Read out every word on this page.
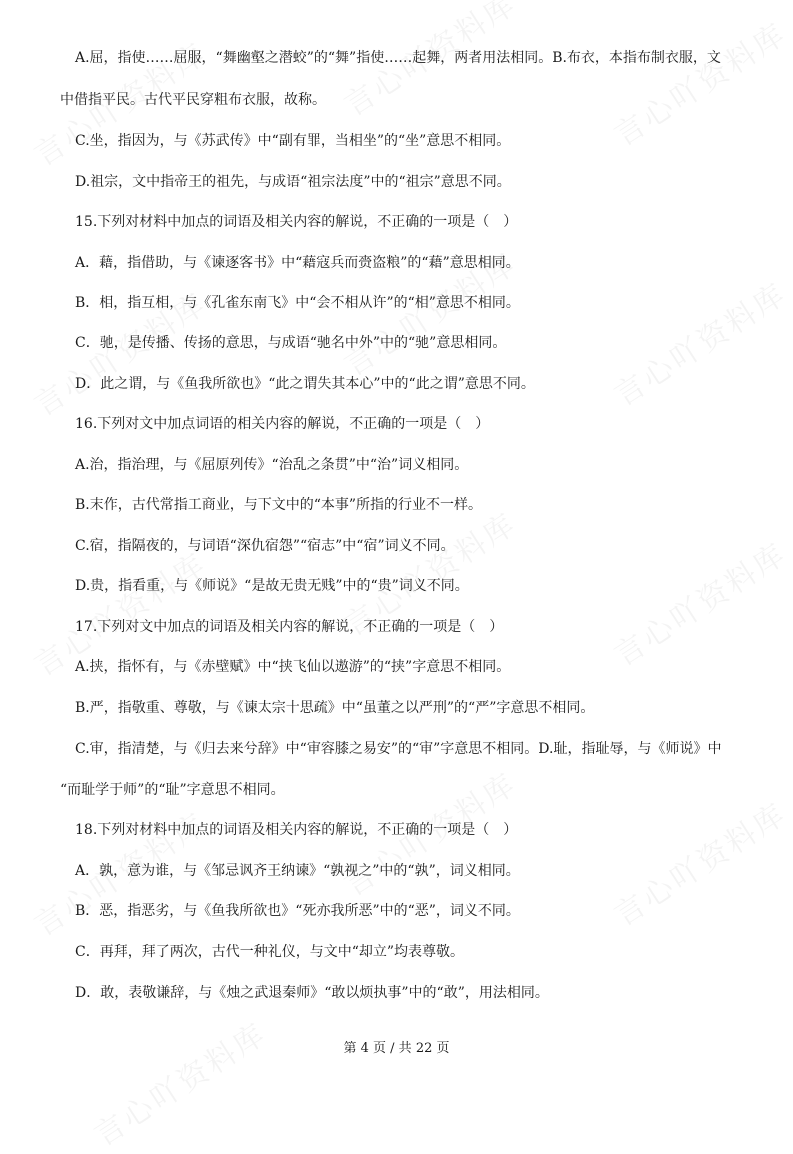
A.屈，指使……屈服，“舞幽壑之潜蛟”的“舞”指使……起舞，两者用法相同。B.布衣，本指布制衣服，文
中借指平民。古代平民穿粗布衣服，故称。
C.坐，指因为，与《苏武传》中“副有罪，当相坐”的“坐”意思不相同。
D.祖宗，文中指帝王的祖先，与成语“祖宗法度”中的“祖宗”意思不同。
15.下列对材料中加点的词语及相关内容的解说，不正确的一项是（　）
A．藉，指借助，与《谏逐客书》中“藉寇兵而赍盗粮”的“藉”意思相同。
B．相，指互相，与《孔雀东南飞》中“会不相从许”的“相”意思不相同。
C．驰，是传播、传扬的意思，与成语“驰名中外”中的“驰”意思相同。
D．此之谓，与《鱼我所欲也》“此之谓失其本心”中的“此之谓”意思不同。
16.下列对文中加点词语的相关内容的解说，不正确的一项是（　）
A.治，指治理，与《屈原列传》“治乱之条贯”中“治”词义相同。
B.末作，古代常指工商业，与下文中的“本事”所指的行业不一样。
C.宿，指隔夜的，与词语“深仇宿怨”“宿志”中“宿”词义不同。
D.贵，指看重，与《师说》“是故无贵无贱”中的“贵”词义不同。
17.下列对文中加点的词语及相关内容的解说，不正确的一项是（　）
A.挟，指怀有，与《赤壁赋》中“挟飞仙以遨游”的“挟”字意思不相同。
B.严，指敬重、尊敬，与《谏太宗十思疏》中“虽董之以严刑”的“严”字意思不相同。
C.审，指清楚，与《归去来兮辞》中“审容膝之易安”的“审”字意思不相同。D.耻，指耻辱，与《师说》中
“而耻学于师”的“耻”字意思不相同。
18.下列对材料中加点的词语及相关内容的解说，不正确的一项是（　）
A．孰，意为谁，与《邹忌讽齐王纳谏》“孰视之”中的“孰”，词义相同。
B．恶，指恶劣，与《鱼我所欲也》“死亦我所恶”中的“恶”，词义不同。
C．再拜，拜了两次，古代一种礼仪，与文中“却立”均表尊敬。
D．敢，表敬谦辞，与《烛之武退秦师》“敢以烦执事”中的“敢”，用法相同。
第 4 页 / 共 22 页
